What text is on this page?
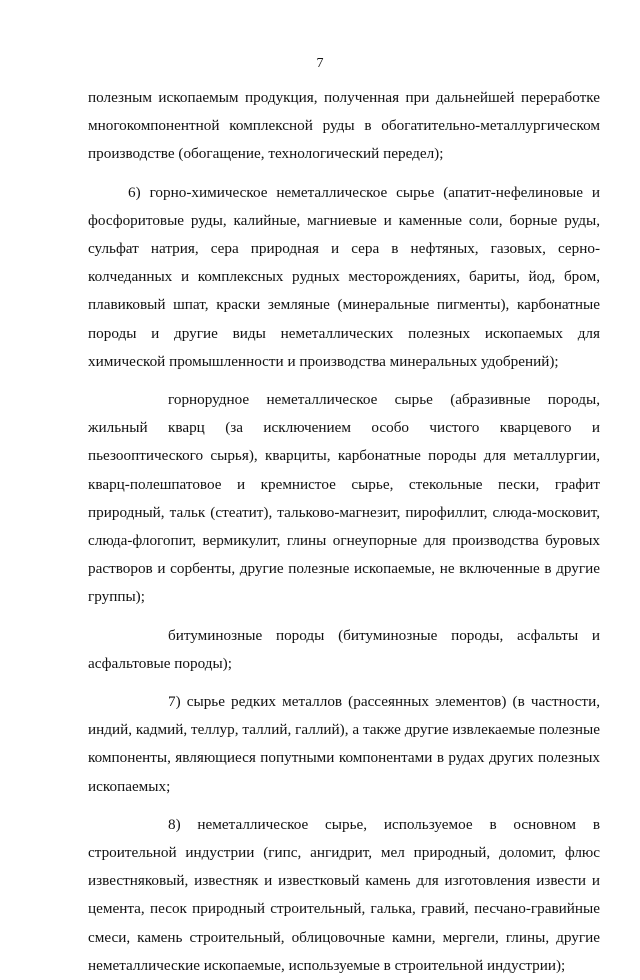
7

полезным ископаемым продукция, полученная при дальнейшей переработке многокомпонентной комплексной руды в обогатительно-металлургическом производстве (обогащение, технологический передел);

6) горно-химическое неметаллическое сырье (апатит-нефелиновые и фосфоритовые руды, калийные, магниевые и каменные соли, борные руды, сульфат натрия, сера природная и сера в нефтяных, газовых, серно-колчеданных и комплексных рудных месторождениях, бариты, йод, бром, плавиковый шпат, краски земляные (минеральные пигменты), карбонатные породы и другие виды неметаллических полезных ископаемых для химической промышленности и производства минеральных удобрений);

горнорудное неметаллическое сырье (абразивные породы, жильный кварц (за исключением особо чистого кварцевого и пьезооптического сырья), кварциты, карбонатные породы для металлургии, кварц-полешпатовое и кремнистое сырье, стекольные пески, графит природный, тальк (стеатит), тальково-магнезит, пирофиллит, слюда-московит, слюда-флогопит, вермикулит, глины огнеупорные для производства буровых растворов и сорбенты, другие полезные ископаемые, не включенные в другие группы);

битуминозные породы (битуминозные породы, асфальты и асфальтовые породы);

7) сырье редких металлов (рассеянных элементов) (в частности, индий, кадмий, теллур, таллий, галлий), а также другие извлекаемые полезные компоненты, являющиеся попутными компонентами в рудах других полезных ископаемых;

8) неметаллическое сырье, используемое в основном в строительной индустрии (гипс, ангидрит, мел природный, доломит, флюс известняковый, известняк и известковый камень для изготовления извести и цемента, песок природный строительный, галька, гравий, песчано-гравийные смеси, камень строительный, облицовочные камни, мергели, глины, другие неметаллические ископаемые, используемые в строительной индустрии);
